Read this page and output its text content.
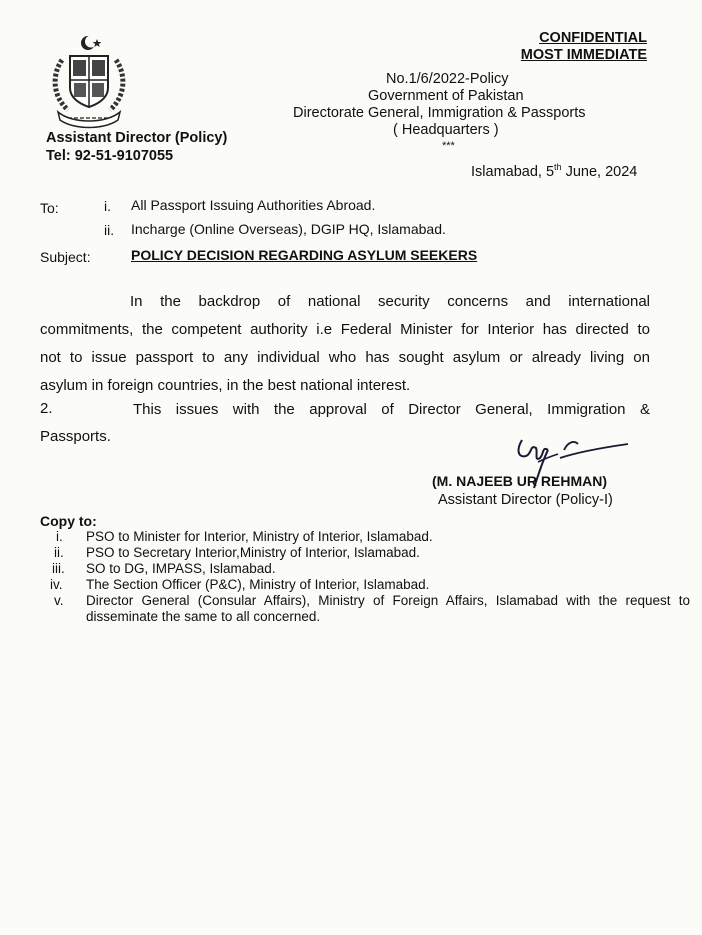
CONFIDENTIAL
MOST IMMEDIATE
No.1/6/2022-Policy
Government of Pakistan
Directorate General, Immigration & Passports
( Headquarters )
***
Assistant Director (Policy)
Tel: 92-51-9107055
Islamabad, 5th June, 2024
To:	i. All Passport Issuing Authorities Abroad.
ii. Incharge (Online Overseas), DGIP HQ, Islamabad.
Subject:	POLICY DECISION REGARDING ASYLUM SEEKERS
In the backdrop of national security concerns and international
commitments, the competent authority i.e Federal Minister for Interior has directed to
not to issue passport to any individual who has sought asylum or already living on
asylum in foreign countries, in the best national interest.
2.	This issues with the approval of Director General, Immigration &
Passports.
(M. NAJEEB UR REHMAN)
Assistant Director (Policy-I)
Copy to:
i. PSO to Minister for Interior, Ministry of Interior, Islamabad.
ii. PSO to Secretary Interior,Ministry of Interior, Islamabad.
iii. SO to DG, IMPASS, Islamabad.
iv. The Section Officer (P&C), Ministry of Interior, Islamabad.
v. Director General (Consular Affairs), Ministry of Foreign Affairs, Islamabad with the request to disseminate the same to all concerned.
